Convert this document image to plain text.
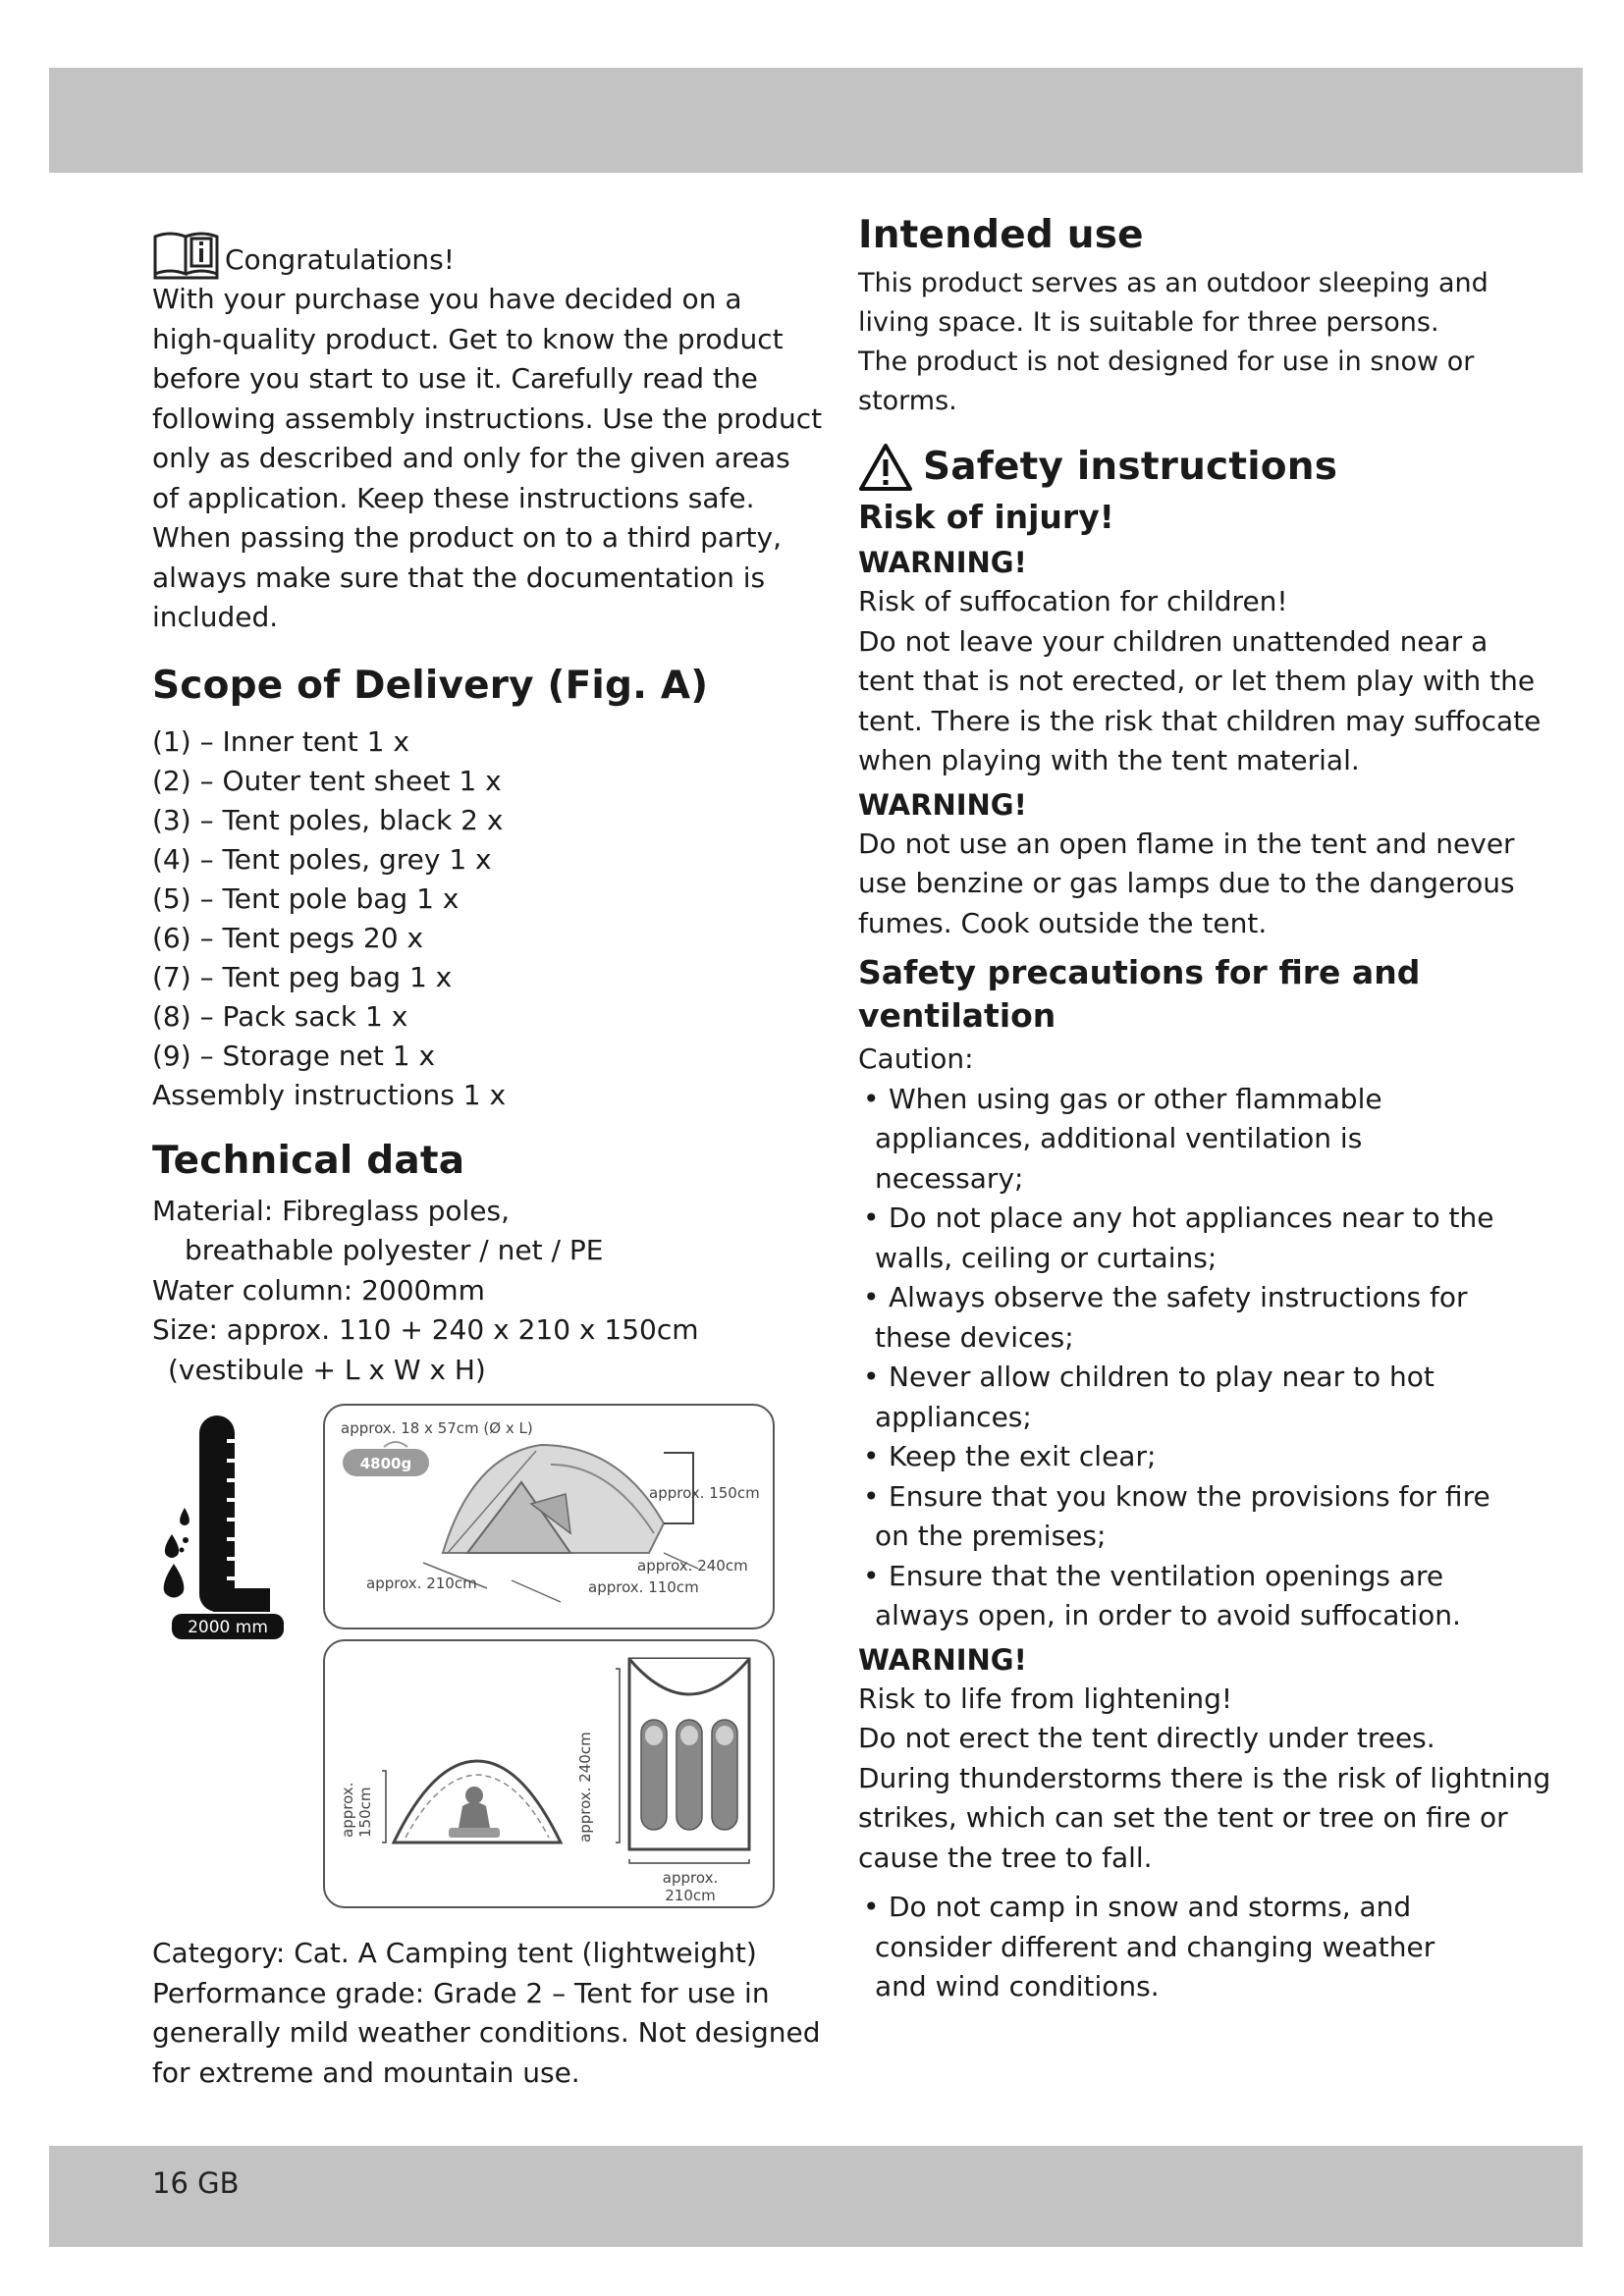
Congratulations!

With your purchase you have decided on a
high-quality product. Get to know the product
before you start to use it. Carefully read the
following assembly instructions. Use the product
only as described and only for the given areas
of application. Keep these instructions safe.
When passing the product on to a third party,
always make sure that the documentation is
included.

Scope of Delivery (Fig. A)
(1) – Inner tent 1 x
(2) – Outer tent sheet 1 x
(3) – Tent poles, black 2 x
(4) – Tent poles, grey 1 x
(5) – Tent pole bag 1 x
(6) – Tent pegs 20 x
(7) – Tent peg bag 1 x
(8) – Pack sack 1 x
(9) – Storage net 1 x
Assembly instructions 1 x
Technical data

Material: Fibreglass poles,
breathable polyester / net / PE
Water column: 2000mm
Size: approx. 110 + 240 x 210 x 150cm
(vestibule + L x W x H)

2000 mm
approx. 18 x 57cm (Ø x L)
4800g
approx. 150cm
approx. 210cm
approx. 240cm
approx. 110cm
approx. 150cm	approx. 240cm
approx.
210cm

Category: Cat. A Camping tent (lightweight)
Performance grade: Grade 2 – Tent for use in
generally mild weather conditions. Not designed
for extreme and mountain use.

Intended use

This product serves as an outdoor sleeping and
living space. It is suitable for three persons.
The product is not designed for use in snow or
storms.

Safety instructions
Risk of injury!
WARNING!

Risk of suffocation for children!
Do not leave your children unattended near a
tent that is not erected, or let them play with the
tent. There is the risk that children may suffocate
when playing with the tent material.

WARNING!

Do not use an open flame in the tent and never
use benzine or gas lamps due to the dangerous
fumes. Cook outside the tent.

Safety precautions for fire and
ventilation

Caution:

• When using gas or other flammable
appliances, additional ventilation is
necessary;
• Do not place any hot appliances near to the
walls, ceiling or curtains;
• Always observe the safety instructions for
these devices;
• Never allow children to play near to hot
appliances;
• Keep the exit clear;
• Ensure that you know the provisions for fire
on the premises;
• Ensure that the ventilation openings are
always open, in order to avoid suffocation.
WARNING!

Risk to life from lightening!
Do not erect the tent directly under trees.
During thunderstorms there is the risk of lightning
strikes, which can set the tent or tree on fire or
cause the tree to fall.

• Do not camp in snow and storms, and
consider different and changing weather
and wind conditions.
16 GB
